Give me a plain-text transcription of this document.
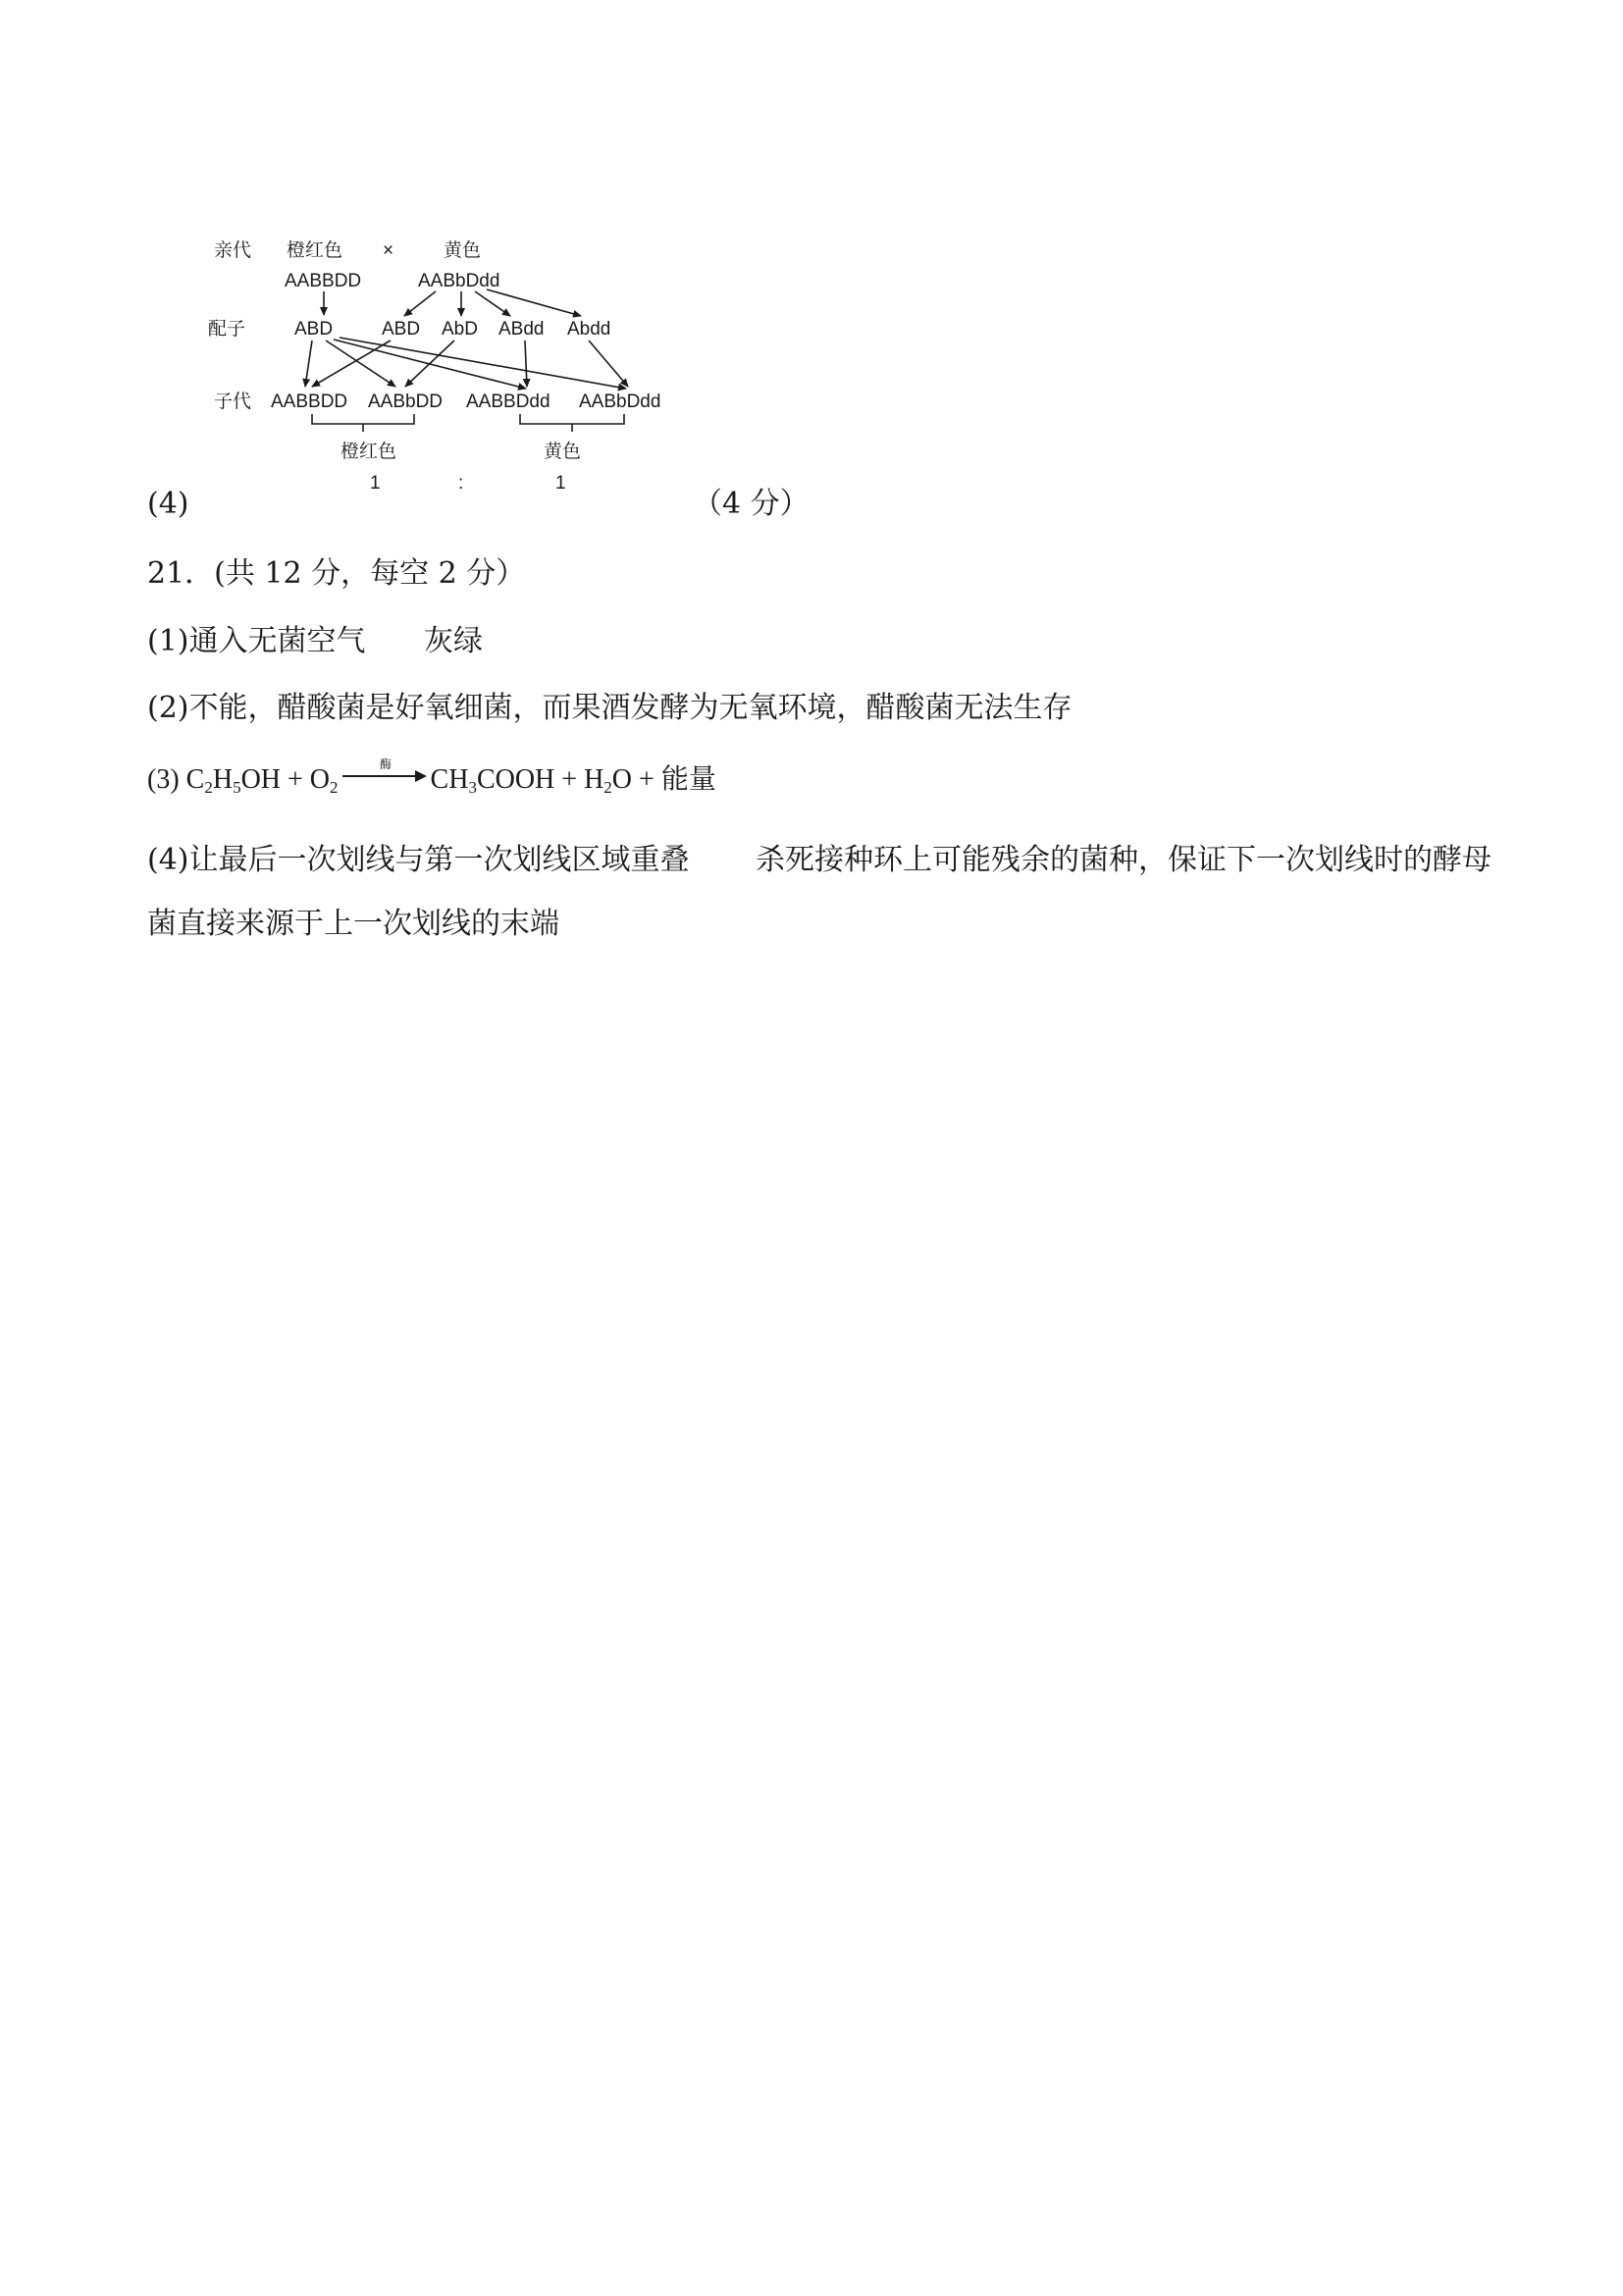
亲代
配子
子代
橙红色 ×	黄色
AABBDD	AABbDdd
ABD	ABD AbD ABdd Abdd
AABBDD AABbDD AABBDdd AABbDdd
橙红色	黄色
1	:	1
(4)	（4 分）
21．(共 12 分，每空 2 分）
(1)通入无菌空气 灰绿
(2)不能，醋酸菌是好氧细菌，而果酒发酵为无氧环境，醋酸菌无法生存
(3) $C_2H_5OH + O_2$	$CH_3COOH + H_2O$ + 能量
酶
(4)让最后一次划线与第一次划线区域重叠 杀死接种环上可能残余的菌种，保证下一次划线时的酵母
菌直接来源于上一次划线的末端
